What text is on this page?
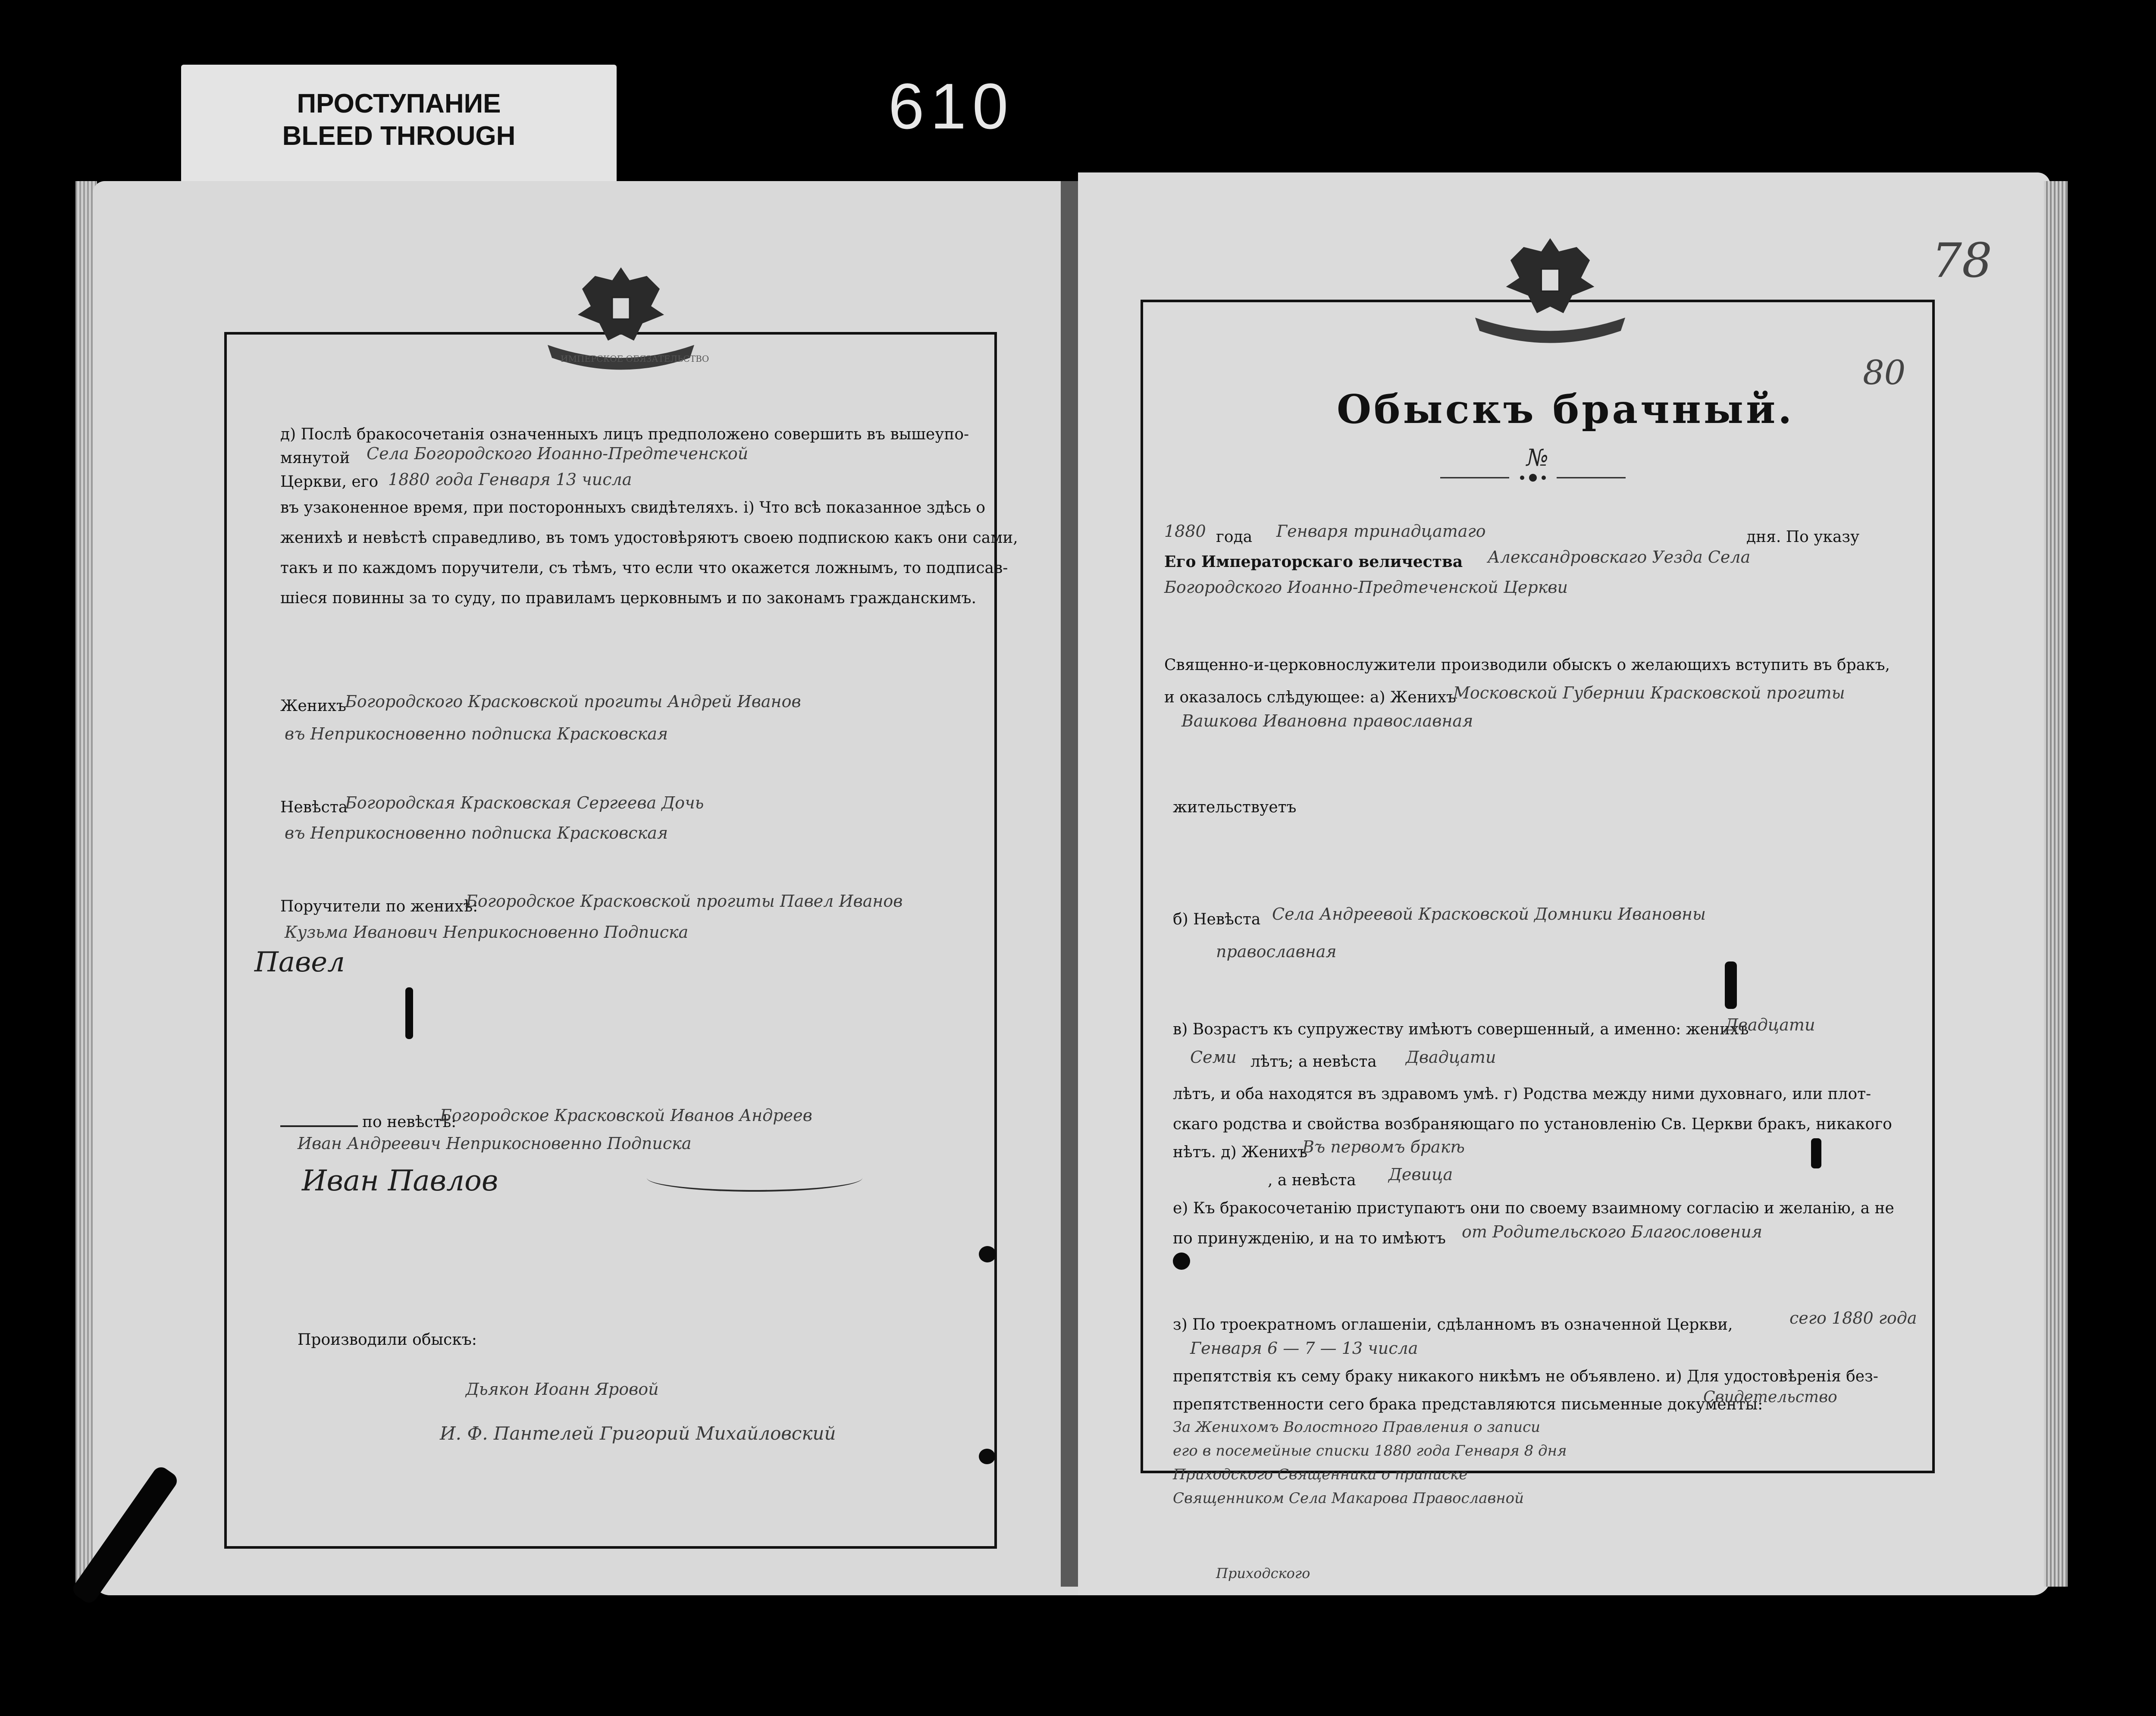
ПРОСТУПАНИЕ
BLEED THROUGH	610
ИМПЕРСКОЕ ОБЯЗАТЕЛЬСТВО
78
80
д) Послѣ бракосочетанія означенныхъ лицъ предположено совершить въ вышеупо-
мянутой Села Богородского Иоанно-Предтеченской
Церкви, его 1880 года Генваря 13 числа
въ узаконенное время, при посторонныхъ свидѣтеляхъ. і) Что всѣ показанное здѣсь о
женихѣ и невѣстѣ справедливо, въ томъ удостовѣряютъ своею подпискою какъ они сами,
такъ и по каждомъ поручители, съ тѣмъ, что если что окажется ложнымъ, то подписав-
шіеся повинны за то суду, по правиламъ церковнымъ и по законамъ гражданскимъ.
Женихъ
Богородского Красковской прогиты Андрей Иванов
въ Неприкосновенно подписка Красковская
Невѣста
Богородская Красковская Сергеева Дочь
въ Неприкосновенно подписка Красковская
Поручители по женихѣ:
Богородское Красковской прогиты Павел Иванов
Кузьма Иванович Неприкосновенно Подписка
Павел
по невѣстѣ:
Богородское Красковской Иванов Андреев
Иван Андреевич Неприкосновенно Подписка
Иван Павлов
Производили обыскъ:
Дьякон Иоанн Яровой
И. Ф. Пантелей Григорий Михайловский
Обыскъ брачный.
№
1880 года Генваря тринадцатаго	дня. По указу
Его Императорскаго величества Александровскаго Уезда Села
Богородского Иоанно-Предтеченской Церкви
Священно-и-церковнослужители производили обыскъ о желающихъ вступить въ бракъ,
и оказалось слѣдующее: а) Женихъ
Московской Губернии Красковской прогиты
Вашкова Ивановна православная
жительствуетъ
б) Невѣста Села Андреевой Красковской Домники Ивановны
православная
в) Возрастъ къ супружеству имѣютъ совершенный, а именно: женихъ
Двадцати
Семи лѣтъ; а невѣста Двадцати
лѣтъ, и оба находятся въ здравомъ умѣ. г) Родства между ними духовнаго, или плот-
скаго родства и свойства возбраняющаго по установленію Св. Церкви бракъ, никакого
нѣтъ. д) Женихъ
Въ первомъ бракѣ
, а невѣста Девица
е) Къ бракосочетанію приступаютъ они по своему взаимному согласію и желанію, а не
по принужденію, и на то имѣютъ от Родительского Благословения
з) По троекратномъ оглашеніи, сдѣланномъ въ означенной Церкви,	сего 1880 года
Генваря 6 — 7 — 13 числа
препятствія къ сему браку никакого никѣмъ не объявлено. и) Для удостовѣренія без-
препятственности сего брака представляются письменные документы:
Свидетельство
За Женихомъ Волостного Правления о записи
его в посемейные списки 1880 года Генваря 8 дня
Приходского Священника о приписке
Священником Села Макарова Православной
Приходского
